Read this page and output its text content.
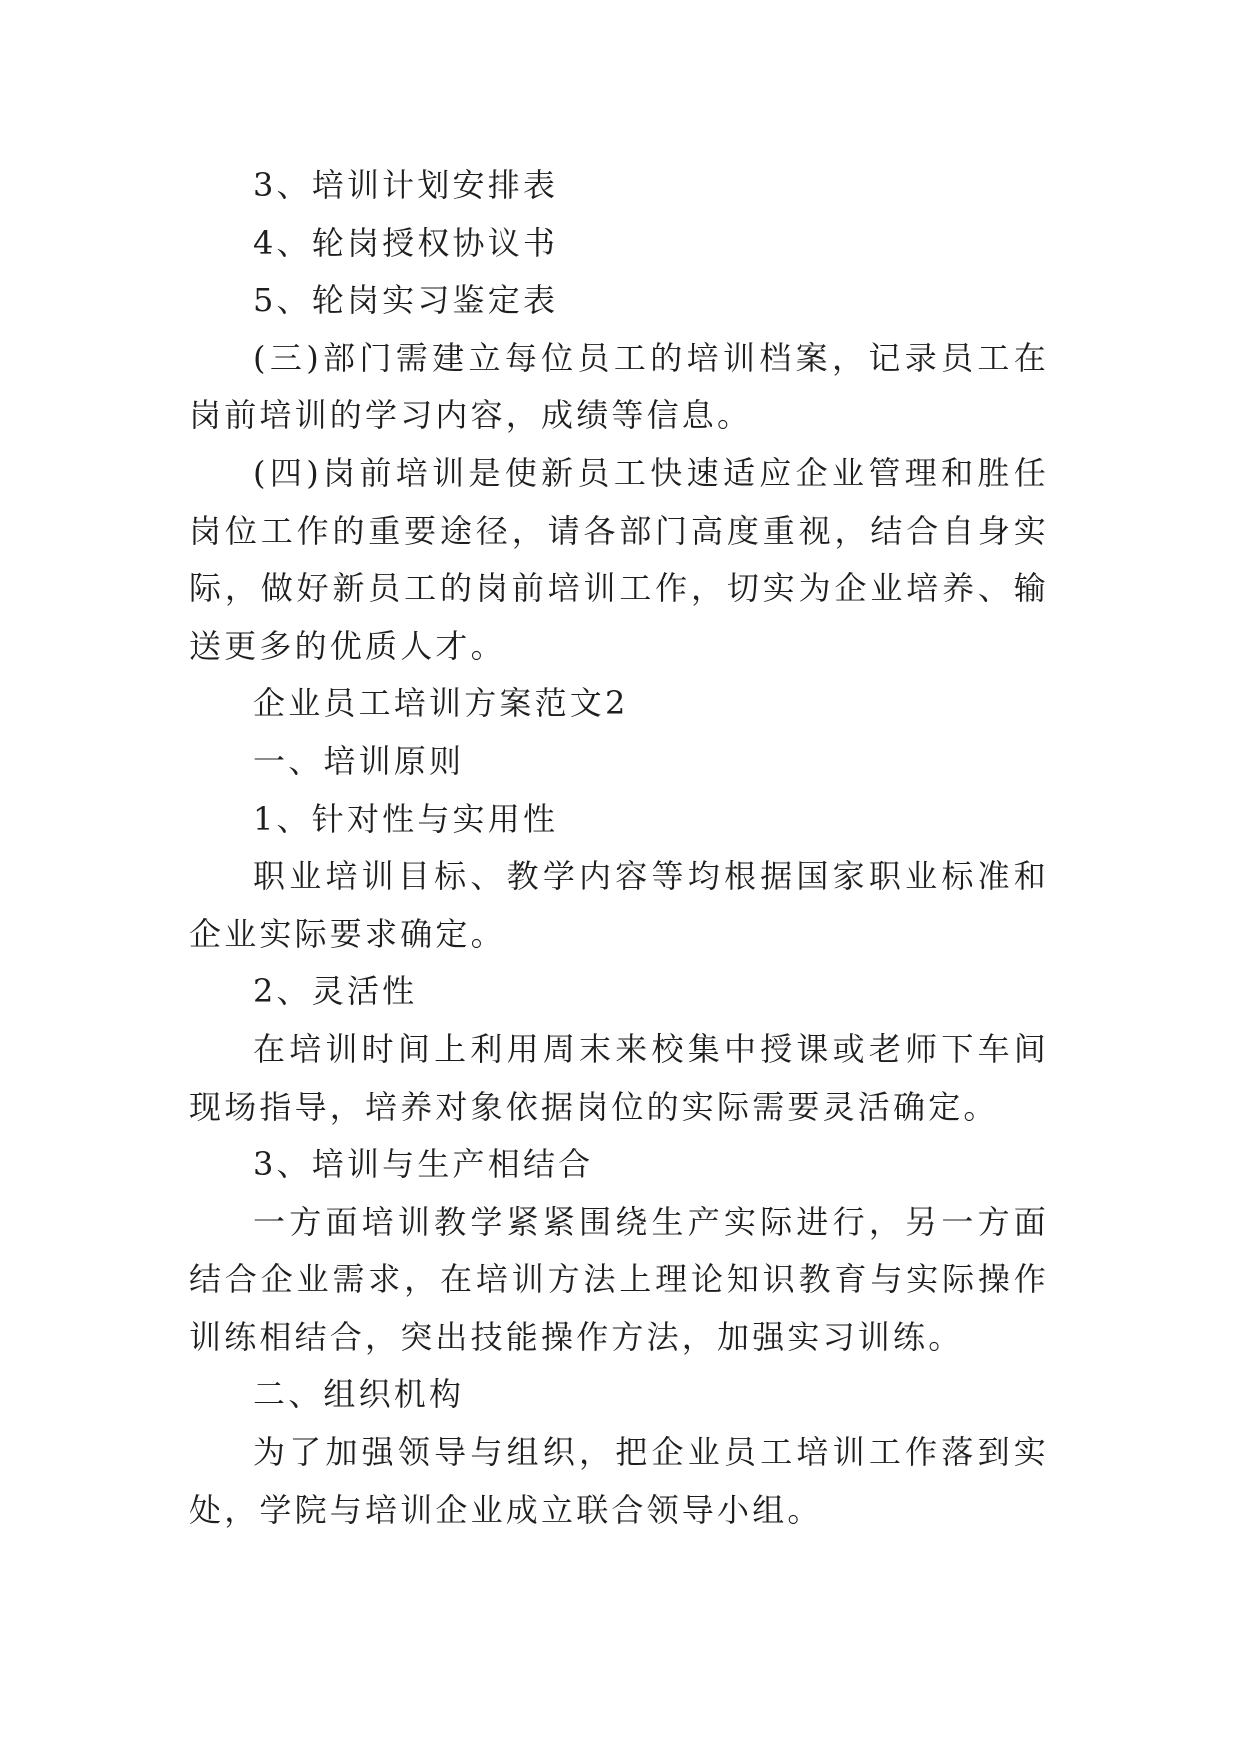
3、培训计划安排表

4、轮岗授权协议书

5、轮岗实习鉴定表

(三)部门需建立每位员工的培训档案，记录员工在岗前培训的学习内容，成绩等信息。

(四)岗前培训是使新员工快速适应企业管理和胜任岗位工作的重要途径，请各部门高度重视，结合自身实际，做好新员工的岗前培训工作，切实为企业培养、输送更多的优质人才。

企业员工培训方案范文2

一、培训原则

1、针对性与实用性

职业培训目标、教学内容等均根据国家职业标准和企业实际要求确定。

2、灵活性

在培训时间上利用周末来校集中授课或老师下车间现场指导，培养对象依据岗位的实际需要灵活确定。

3、培训与生产相结合

一方面培训教学紧紧围绕生产实际进行，另一方面结合企业需求，在培训方法上理论知识教育与实际操作训练相结合，突出技能操作方法，加强实习训练。

二、组织机构

为了加强领导与组织，把企业员工培训工作落到实处，学院与培训企业成立联合领导小组。
